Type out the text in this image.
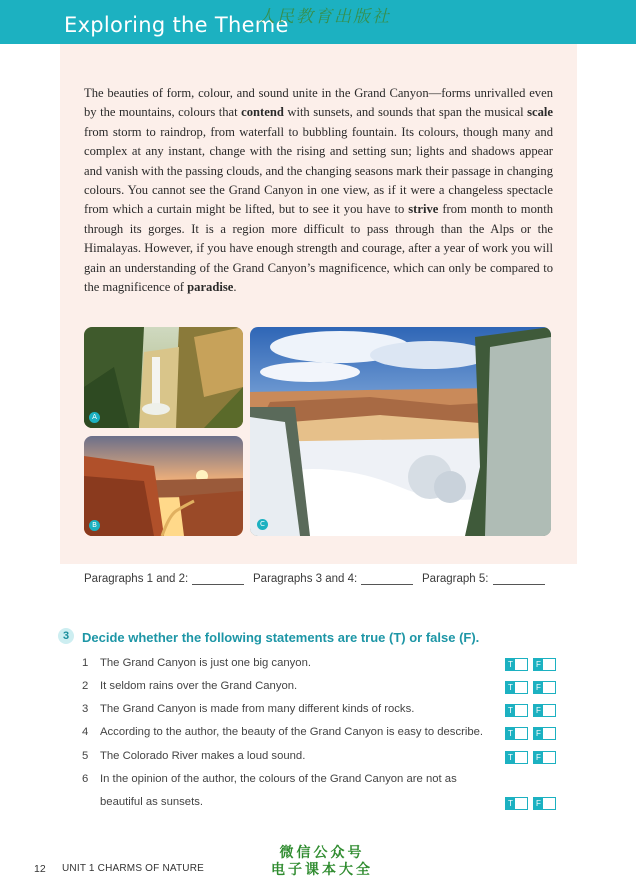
Exploring the Theme
人民教育出版社
The beauties of form, colour, and sound unite in the Grand Canyon—forms unrivalled even by the mountains, colours that contend with sunsets, and sounds that span the musical scale from storm to raindrop, from waterfall to bubbling fountain. Its colours, though many and complex at any instant, change with the rising and setting sun; lights and shadows appear and vanish with the passing clouds, and the changing seasons mark their passage in changing colours. You cannot see the Grand Canyon in one view, as if it were a changeless spectacle from which a curtain might be lifted, but to see it you have to strive from month to month through its gorges. It is a region more difficult to pass through than the Alps or the Himalayas. However, if you have enough strength and courage, after a year of work you will gain an understanding of the Grand Canyon’s magnificence, which can only be compared to the magnificence of paradise.
A
B	C
Paragraphs 1 and 2:	Paragraphs 3 and 4:	Paragraph 5:
3 Decide whether the following statements are true (T) or false (F).
1 The Grand Canyon is just one big canyon.	T	F
2 It seldom rains over the Grand Canyon.	T	F
3 The Grand Canyon is made from many different kinds of rocks.	T	F
4 According to the author, the beauty of the Grand Canyon is easy to describe.	T	F
5 The Colorado River makes a loud sound.	T	F
6 In the opinion of the author, the colours of the Grand Canyon are not as
beautiful as sunsets.	T	F
12 UNIT 1 CHARMS OF NATURE
微信公众号
电子课本大全
